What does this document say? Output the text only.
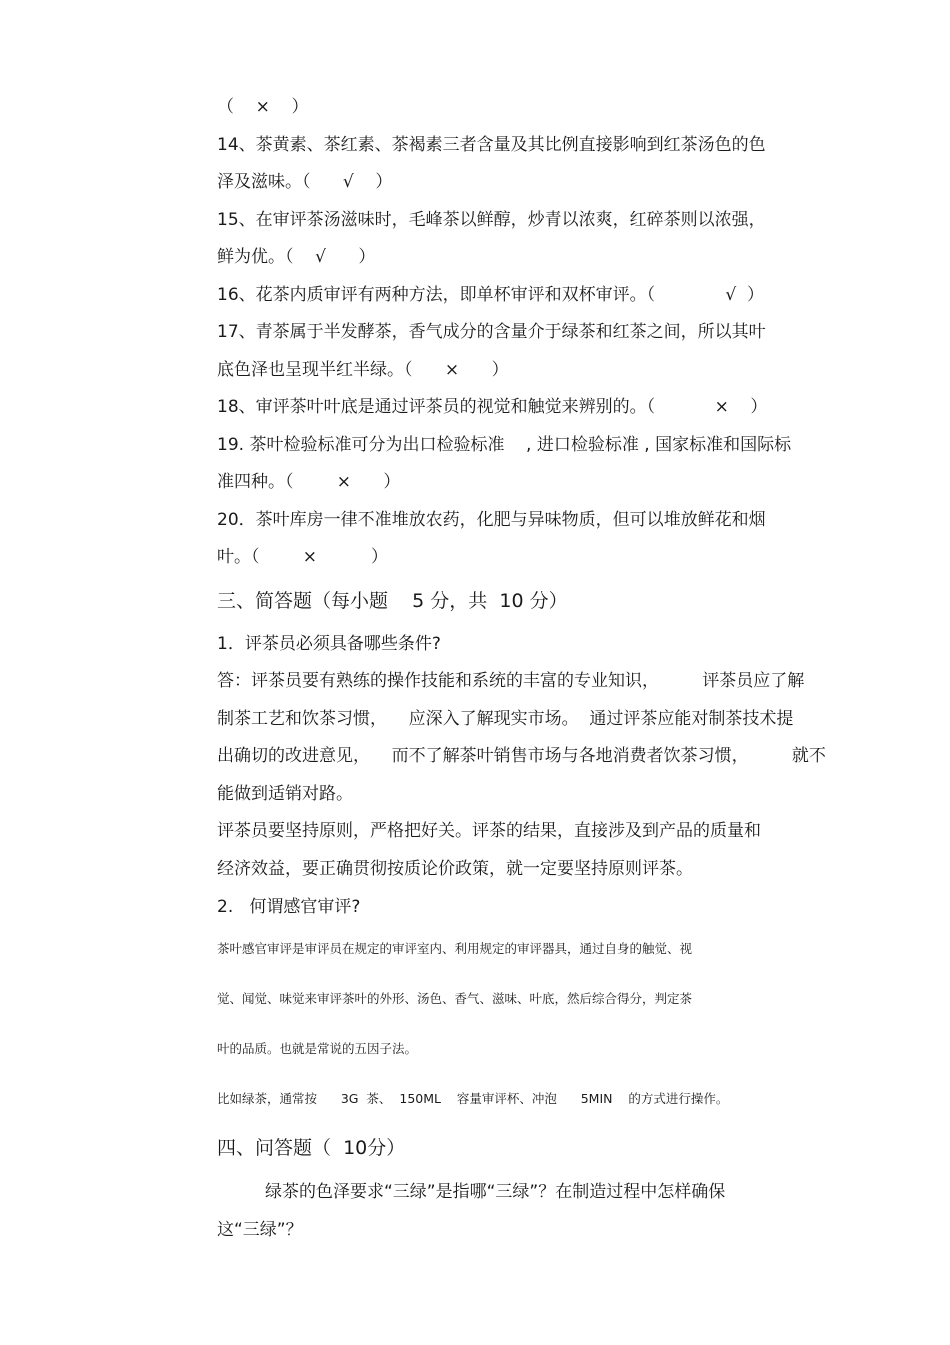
（    ×    ）
14、茶黄素、茶红素、茶褐素三者含量及其比例直接影响到红茶汤色的色
泽及滋味。（      √    ）
15、在审评茶汤滋味时，毛峰茶以鲜醇，炒青以浓爽，红碎茶则以浓强，
鲜为优。（    √      ）
16、花茶内质审评有两种方法，即单杯审评和双杯审评。（             √  ）
17、青茶属于半发酵茶，香气成分的含量介于绿茶和红茶之间，所以其叶
底色泽也呈现半红半绿。（      ×      ）
18、审评茶叶叶底是通过评茶员的视觉和触觉来辨别的。（           ×    ）
19. 茶叶检验标准可分为出口检验标准    , 进口检验标准 , 国家标准和国际标
准四种。（        ×      ）
20．茶叶库房一律不准堆放农药，化肥与异味物质，但可以堆放鲜花和烟
叶。（        ×          ）
三、简答题（每小题    5 分，共  10 分）
1．评茶员必须具备哪些条件?
答：评茶员要有熟练的操作技能和系统的丰富的专业知识，        评茶员应了解
制茶工艺和饮茶习惯，    应深入了解现实市场。  通过评茶应能对制茶技术提
出确切的改进意见，    而不了解茶叶销售市场与各地消费者饮茶习惯，        就不
能做到适销对路。
评茶员要坚持原则，严格把好关。评茶的结果，直接涉及到产品的质量和
经济效益，要正确贯彻按质论价政策，就一定要坚持原则评茶。
2.   何谓感官审评?
茶叶感官审评是审评员在规定的审评室内、利用规定的审评器具，通过自身的触觉、视
觉、闻觉、味觉来审评茶叶的外形、汤色、香气、滋味、叶底，然后综合得分，判定茶
叶的品质。也就是常说的五因子法。
比如绿茶，通常按      3G  茶、  150ML    容量审评杯、冲泡      5MIN    的方式进行操作。
四、问答题（  10分）
绿茶的色泽要求“三绿”是指哪“三绿”？在制造过程中怎样确保
这“三绿”？
